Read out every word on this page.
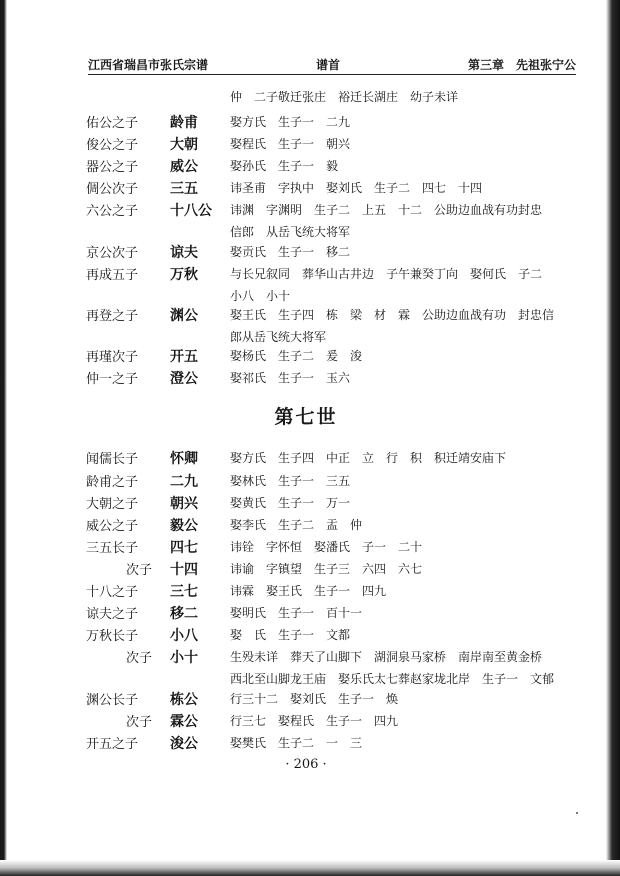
江西省瑞昌市张氏宗谱	谱首	第三章　先祖张宁公
仲　二子敬迁张庄　裕迁长湖庄　幼子未详
佑公之子 龄甫	娶方氏　生子一　二九
俊公之子 大朝	娶程氏　生子一　朝兴
器公之子 威公	娶孙氏　生子一　毅
倜公次子 三五	讳圣甫　字执中　娶刘氏　生子二　四七　十四
六公之子 十八公 讳渊　字渊明　生子二　上五　十二　公助边血战有功封忠
信郎　从岳飞统大将军
京公次子 谅夫	娶贡氏　生子一　移二
再成五子 万秋	与长兄叙同　葬华山古井边　子午兼癸丁向　娶何氏　子二
小八　小十
再登之子 渊公	娶王氏　生子四　栋　梁　材　霖　公助边血战有功　封忠信
郎从岳飞统大将军
再瑾次子 开五	娶杨氏　生子二　爰　浚
仲一之子 澄公	娶祁氏　生子一　玉六
第七世
闻儒长子 怀卿	娶方氏　生子四　中正　立　行　积　积迁靖安庙下
龄甫之子 二九	娶林氏　生子一　三五
大朝之子 朝兴	娶黄氏　生子一　万一
威公之子 毅公	娶李氏　生子二　盂　仲
三五长子 四七	讳铨　字怀恒　娶潘氏　子一　二十
次子 十四	讳谕　字镇望　生子三　六四　六七
十八之子 三七	讳霖　娶王氏　生子一　四九
谅夫之子 移二	娶明氏　生子一　百十一
万秋长子 小八	娶　氏　生子一　文都
次子 小十	生殁未详　葬天了山脚下　湖洞泉马家桥　南岸南至黄金桥
西北至山脚龙王庙　娶乐氏太七葬赵家垅北岸　生子一　文郁
渊公长子 栋公	行三十二　娶刘氏　生子一　焕
次子 霖公	行三七　娶程氏　生子一　四九
开五之子 浚公	娶樊氏　生子二　一　三
· 206 ·
